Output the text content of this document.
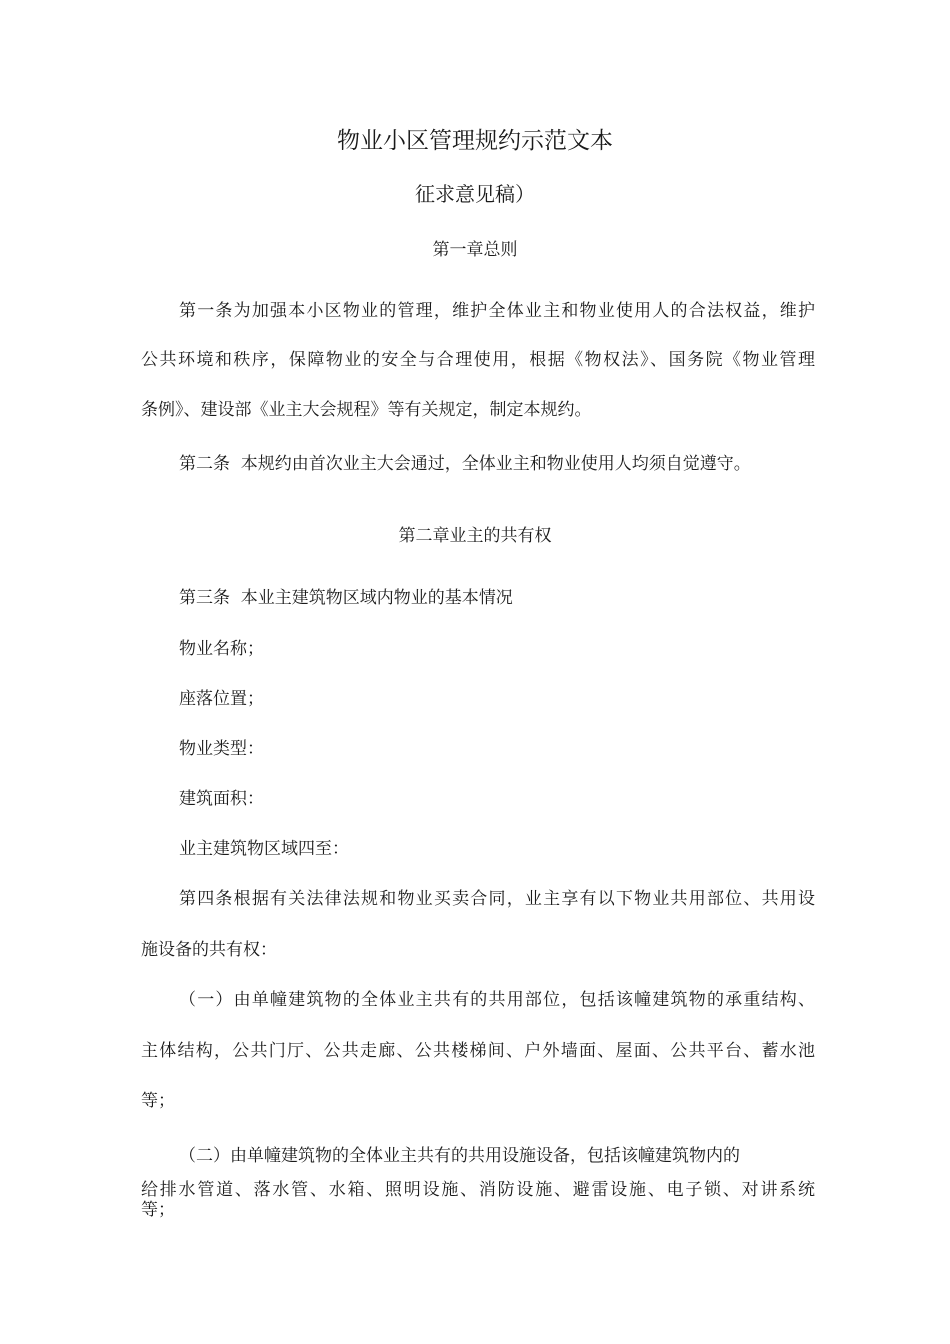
物业小区管理规约示范文本
征求意见稿）
第一章总则
第一条为加强本小区物业的管理，维护全体业主和物业使用人的合法权益，维护
公共环境和秩序，保障物业的安全与合理使用，根据《物权法》、国务院《物业管理
条例》、建设部《业主大会规程》等有关规定，制定本规约。
第二条  本规约由首次业主大会通过，全体业主和物业使用人均须自觉遵守。
第二章业主的共有权
第三条  本业主建筑物区域内物业的基本情况
物业名称；
座落位置；
物业类型：
建筑面积：
业主建筑物区域四至：
第四条根据有关法律法规和物业买卖合同，业主享有以下物业共用部位、共用设
施设备的共有权：
（一）由单幢建筑物的全体业主共有的共用部位，包括该幢建筑物的承重结构、
主体结构，公共门厅、公共走廊、公共楼梯间、户外墙面、屋面、公共平台、蓄水池
等；
（二）由单幢建筑物的全体业主共有的共用设施设备，包括该幢建筑物内的
给排水管道、落水管、水箱、照明设施、消防设施、避雷设施、电子锁、对讲系统
等；
